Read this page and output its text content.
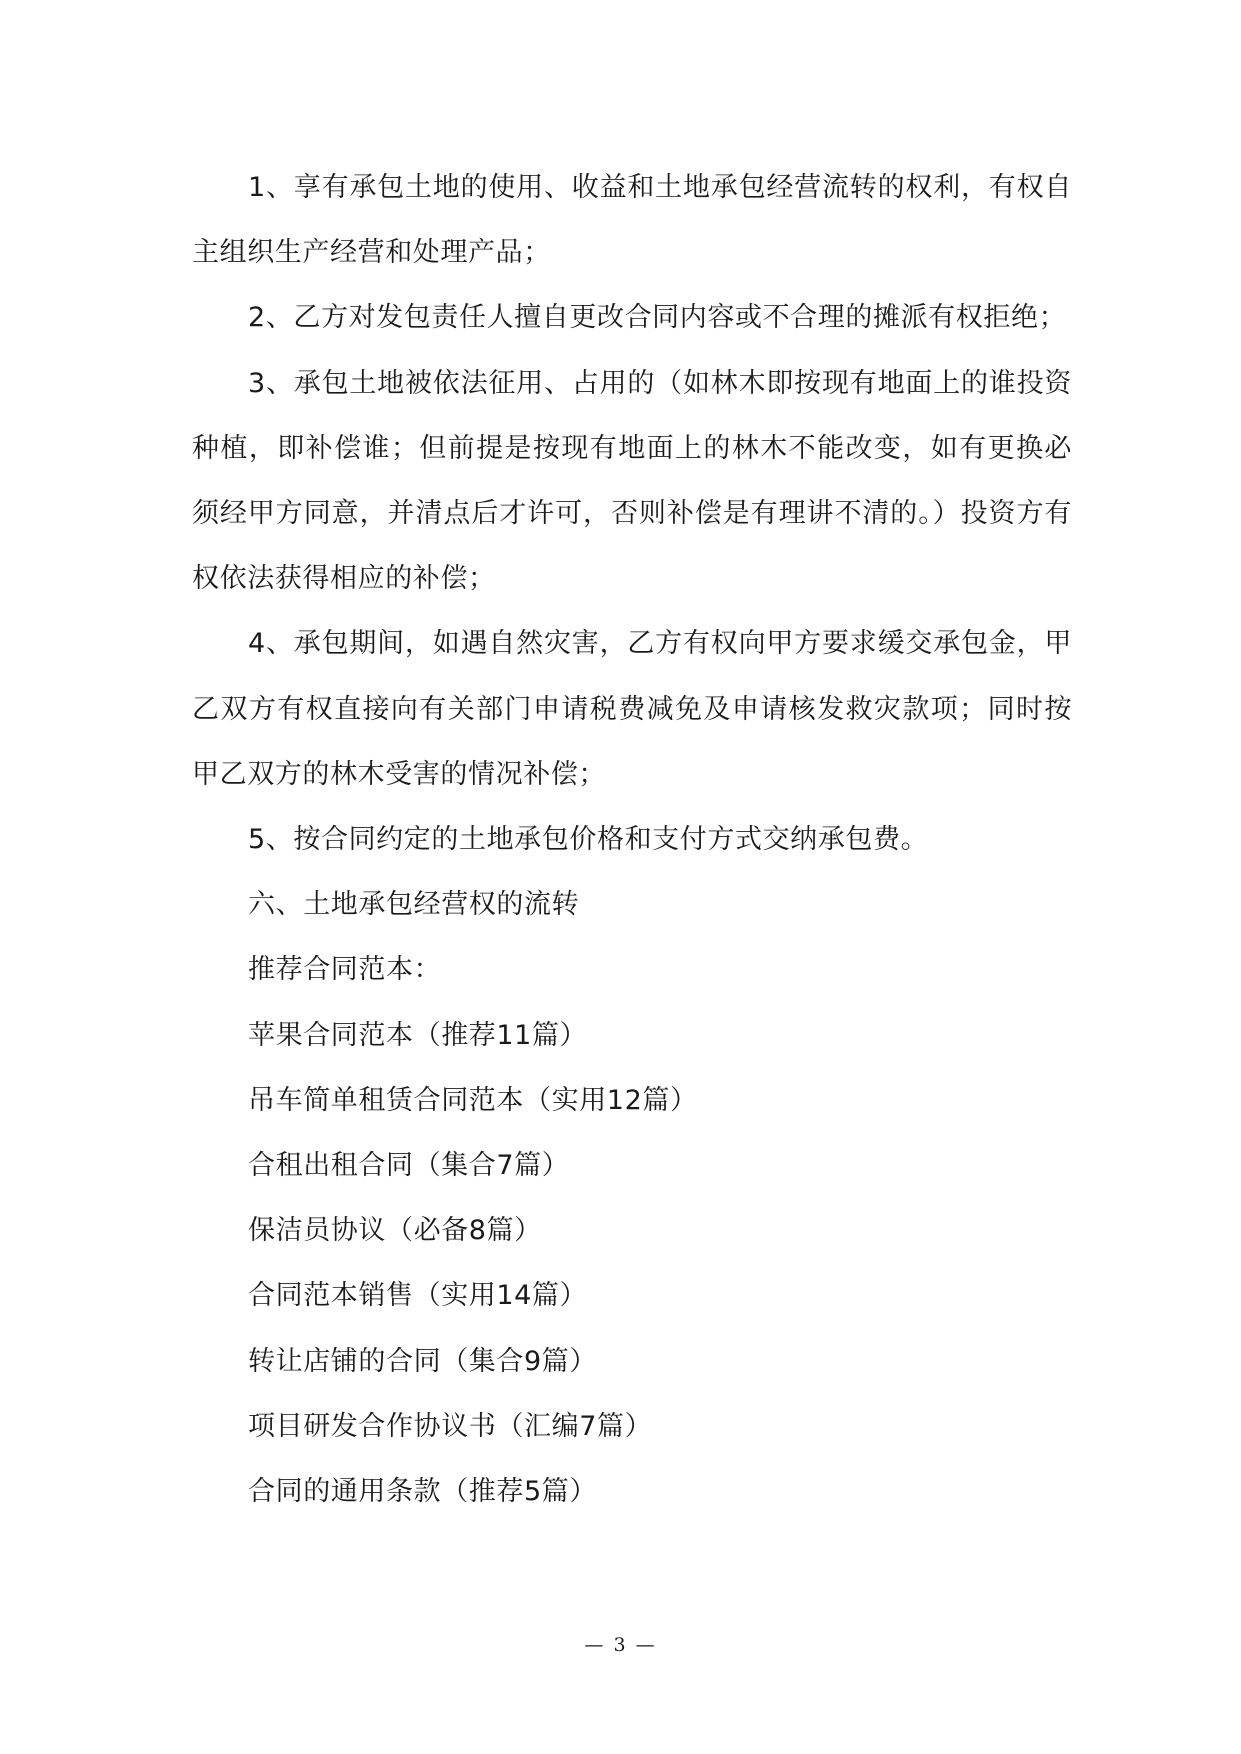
1、享有承包土地的使用、收益和土地承包经营流转的权利，有权自主组织生产经营和处理产品；

2、乙方对发包责任人擅自更改合同内容或不合理的摊派有权拒绝；

3、承包土地被依法征用、占用的（如林木即按现有地面上的谁投资种植，即补偿谁；但前提是按现有地面上的林木不能改变，如有更换必须经甲方同意，并清点后才许可，否则补偿是有理讲不清的。）投资方有权依法获得相应的补偿；

4、承包期间，如遇自然灾害，乙方有权向甲方要求缓交承包金，甲乙双方有权直接向有关部门申请税费减免及申请核发救灾款项；同时按甲乙双方的林木受害的情况补偿；

5、按合同约定的土地承包价格和支付方式交纳承包费。

六、土地承包经营权的流转

推荐合同范本：

苹果合同范本（推荐11篇）

吊车简单租赁合同范本（实用12篇）

合租出租合同（集合7篇）

保洁员协议（必备8篇）

合同范本销售（实用14篇）

转让店铺的合同（集合9篇）

项目研发合作协议书（汇编7篇）

合同的通用条款（推荐5篇）

— 3 —
